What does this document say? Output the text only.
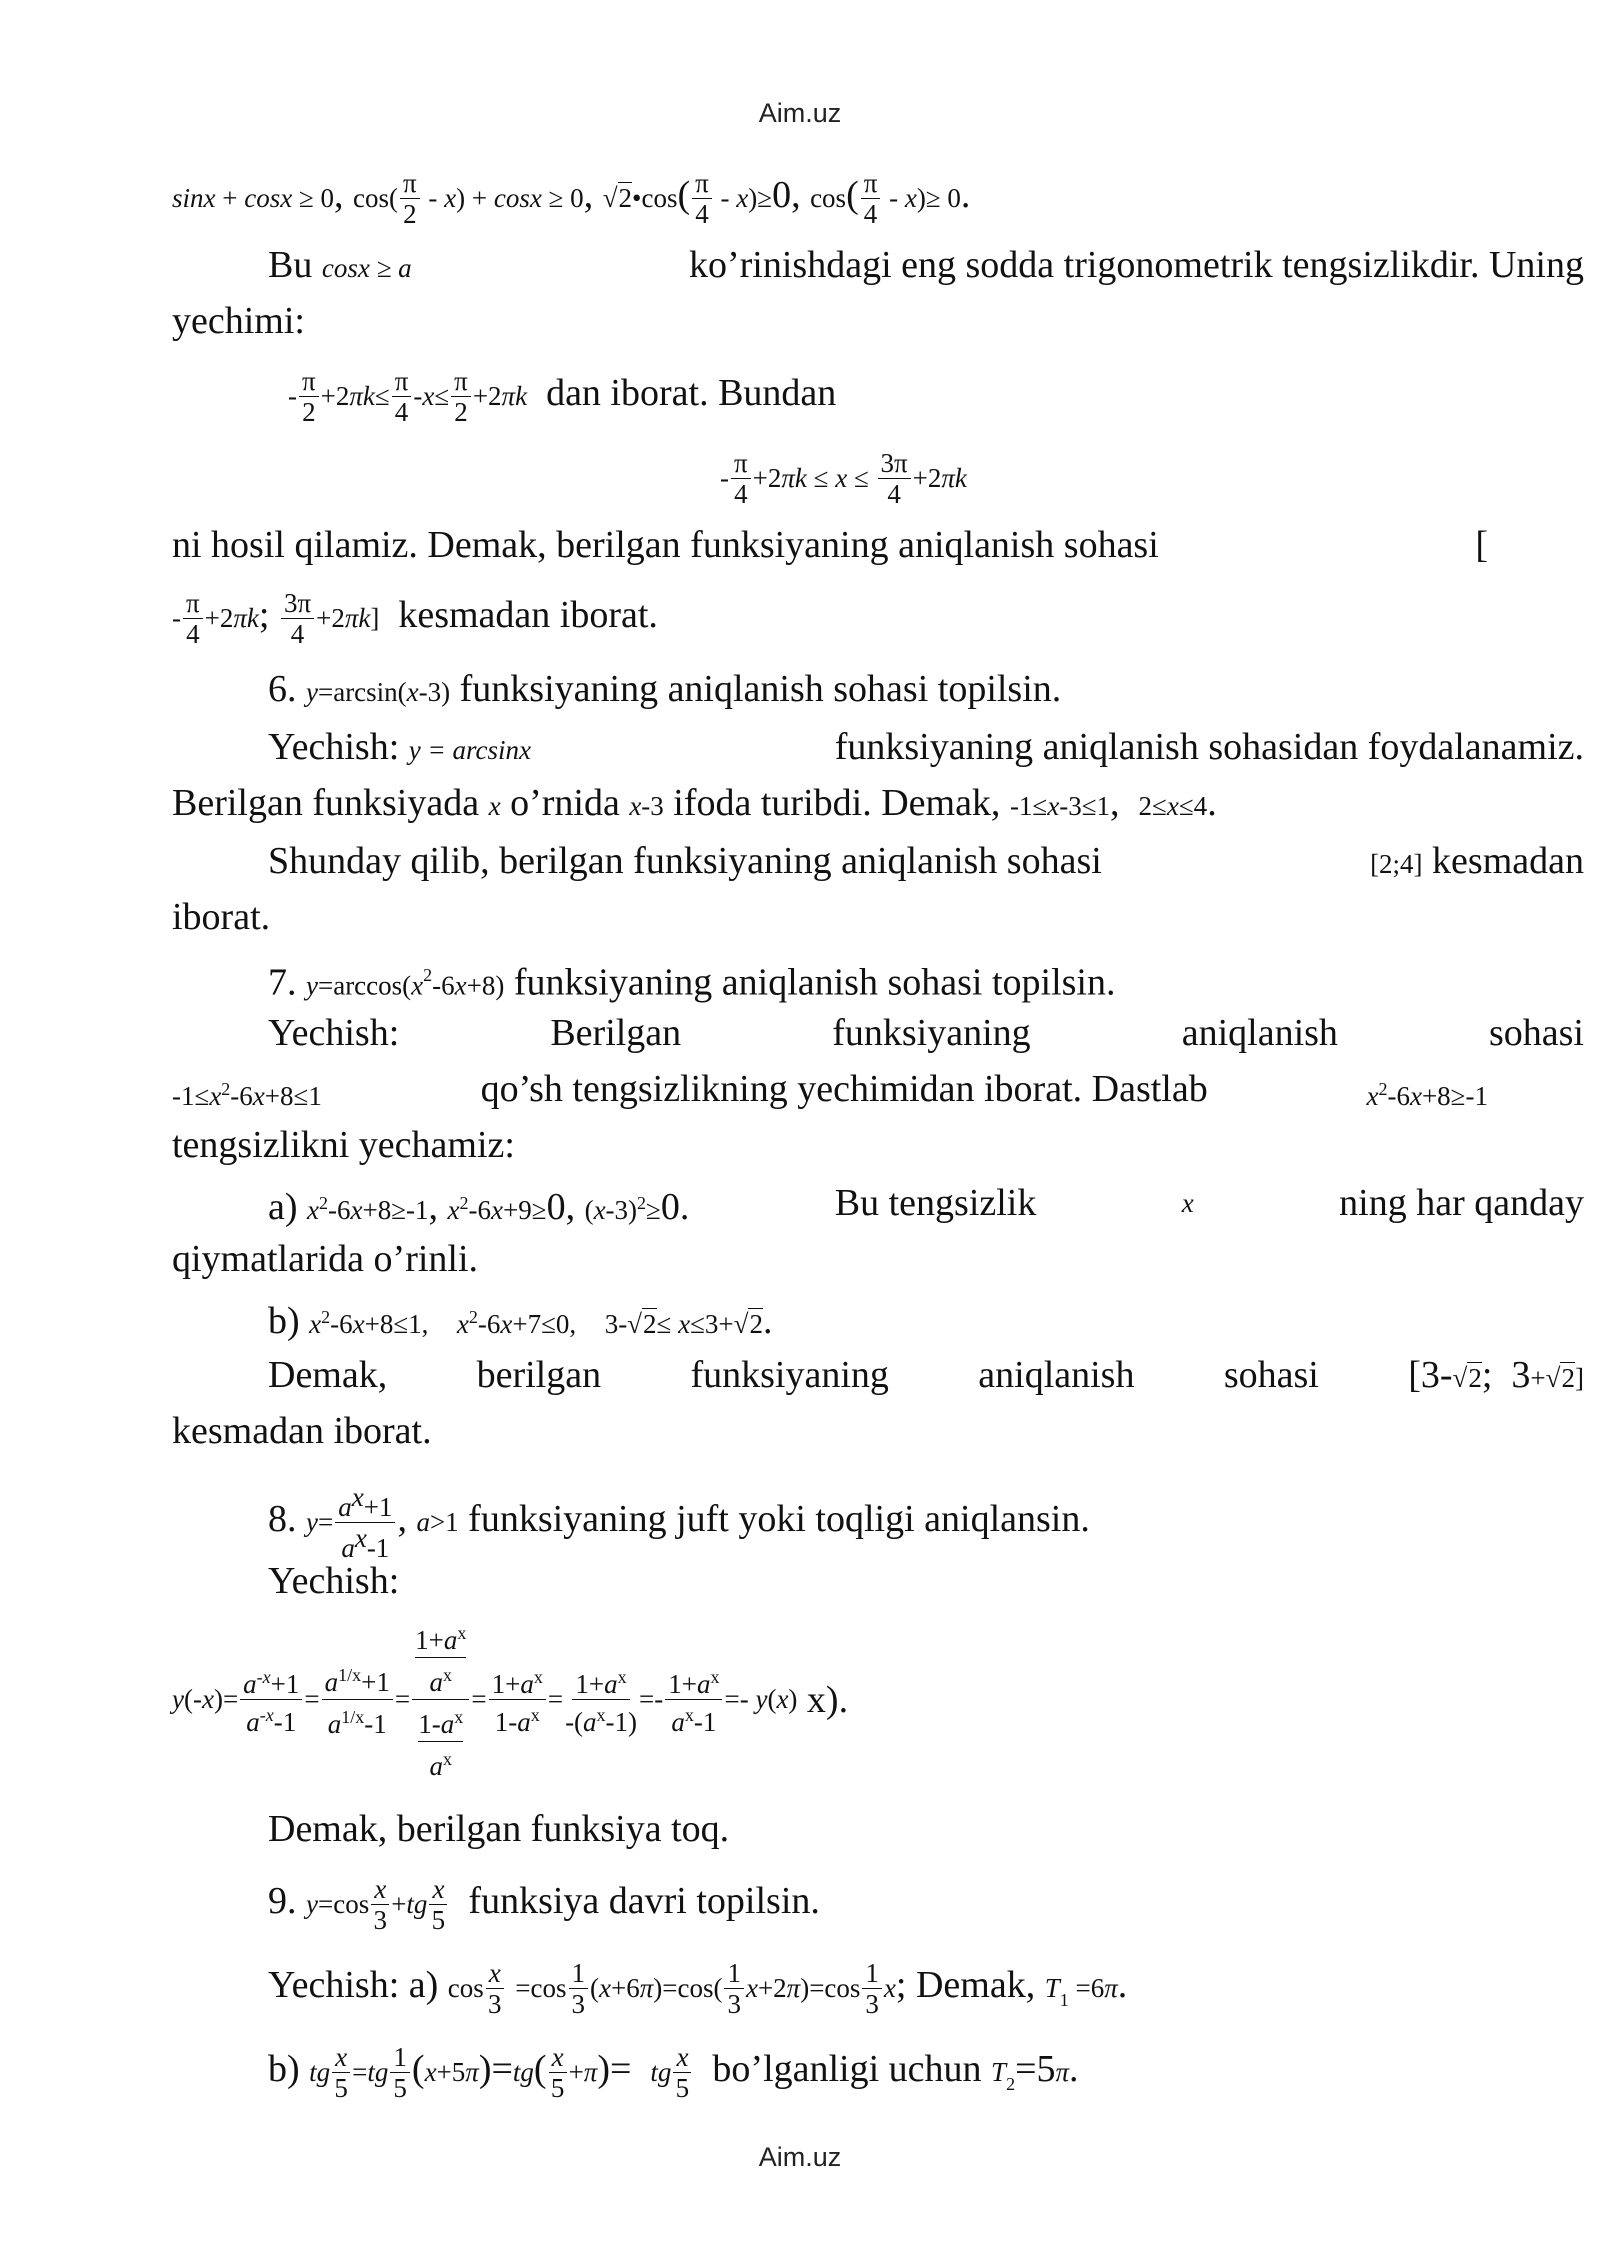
Aim.uz
sinx + cosx ≥ 0, $\cos( \frac{\pi}{2} - x) + \cos x \ge 0$, √2•cos( $\frac{\pi}{4} - x)\ge 0$, $\cos( \frac{\pi}{4} - x)\ge 0$.
Bu cosx ≥ a	ko’rinishdagi eng sodda trigonometrik tengsizlikdir. Uning
yechimi:
- $\frac{\pi}{2} +2\pi k\le \frac{\pi}{4} -x\le \frac{\pi}{2} +2\pi k$ dan iborat. Bundan
- $\frac{\pi}{4} +2\pi k \le x \le \frac{3\pi}{4} +2\pi k$
ni hosil qilamiz. Demak, berilgan funksiyaning aniqlanish sohasi	[
- $\frac{\pi}{4} +2\pi k$; $\frac{3\pi}{4} +2\pi k$] kesmadan iborat.
6. y=arcsin(x-3) funksiyaning aniqlanish sohasi topilsin.
Yechish: y = arcsinx	funksiyaning aniqlanish sohasidan foydalanamiz.
Berilgan funksiyada x o’rnida x-3 ifoda turibdi. Demak, -1≤x-3≤1,  2≤x≤4.
Shunday qilib, berilgan funksiyaning aniqlanish sohasi	[2;4] kesmadan
iborat.
7. $y=\arccos(x^2-6x+8)$ funksiyaning aniqlanish sohasi topilsin.
Yechish:	Berilgan	funksiyaning	aniqlanish	sohasi
$-1\le x^2-6x+8\le 1$	qo’sh tengsizlikning yechimidan iborat. Dastlab	$x^2-6x+8\ge-1$
tengsizlikni yechamiz:
a) $x^2-6x+8\ge-1$, $x^2-6x+9\ge 0$, $(x-3)^2\ge 0$.	Bu tengsizlik	x	ning har qanday
qiymatlarida o’rinli.
b) $x^2-6x+8\le 1$, $x^2-6x+7\le 0$, 3-√2≤ x≤3+√2.
Demak, berilgan funksiyaning aniqlanish sohasi [3-√2;  3+√2]
kesmadan iborat.
8. $y= \frac{a^x+1}{a^x-1}$ , a>1 funksiyaning juft yoki toqligi aniqlansin.
Yechish:
y (- x )= $\frac{a^{-x}+1}{a^{-x}-1} = \frac{a^{1/x}+1}{a^{1/x}-1} = \frac{\frac{1+a^x}{a^x}}{\frac{1-a^x}{a^x}} = \frac{1+a^x}{1-a^x} = \frac{1+a^x}{-(a^x-1)} =- \frac{1+a^x}{a^x-1} =- y(x)$
x).
Demak, berilgan funksiya toq.
9. $y=\cos \frac{x}{3} +tg \frac{x}{5}$ funksiya davri topilsin.
Yechish: a) $\cos \frac{x}{3} =\cos \frac{1}{3} (x+6\pi)=\cos( \frac{1}{3} x+2\pi)=\cos \frac{1}{3} x$; Demak, $T_1 =6\pi$.
b) tg $\frac{x}{5} =tg \frac{1}{5} (x+5\pi)=tg( \frac{x}{5} +\pi)=$  tg $\frac{x}{5}$ bo’lganligi uchun $T_2=5\pi$.
Aim.uz
